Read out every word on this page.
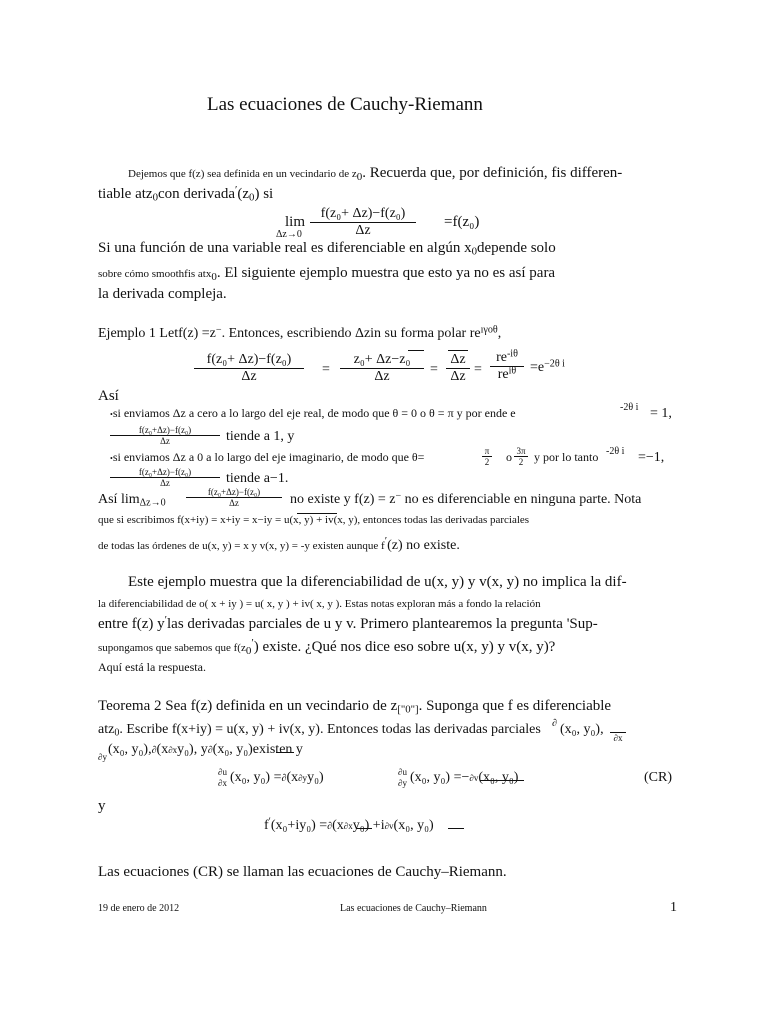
Las ecuaciones de Cauchy-Riemann
Dejemos que f(z) sea definida en un vecindario de $z_0$. Recuerda que, por definición, fis differen-
tiable atz$_0$con $derivada'(z_0)$ si
lim
Δz→0
f(z₀+ Δz)−f(z₀)
Δz
=f(z₀)
Si una función de una variable real es diferenciable en algún $x_0depende$ solo
sobre cómo smoothfis atx$_0$. El siguiente ejemplo muestra que esto ya no es así para
la derivada compleja.
Ejemplo 1 Letf(z) =z−. Entonces, escribiendo Δzin su forma polar $re^{ı\gamma o\theta}$,
f(z₀+ Δz)−f(z₀)
Δz	=
z₀+ Δz−z₀
Δz	=
Δz
Δz =
$re^{-i\theta}$
$re^{i\theta} =e^{-2\theta i}$
Así
•si enviamos Δz a cero a lo largo del eje real, de modo que θ = 0 o θ = π y por ende e	-2θ i = 1,
f(z₀+Δz)−f(z₀)
Δz	tiende a 1, y
•si enviamos Δz a 0 a lo largo del eje imaginario, de modo que θ=	π
2 o 3π
2 y por lo tanto -2θ i =−1,
f(z₀+Δz)−f(z₀)
Δz	tiende a−1.
Así $\lim_{\Delta z\to 0}$
f(z₀+Δz)−f(z₀)
Δz	no existe y f(z) = z− no es diferenciable en ninguna parte. Nota
que si escribimos f(x+iy) = x+iy = x−iy = u(x, y) + iv(x, y), entonces todas las derivadas parciales
de todas las órdenes de u(x, y) = x y v(x, y) = -y existen aunque f′(z) no existe.
Este ejemplo muestra que la diferenciabilidad de u(x, y) y v(x, y) no implica la dif-
la diferenciabilidad de o( x + iy ) = u( x, y ) + iv( x, y ). Estas notas exploran más a fondo la relación
entre f(z) y′las derivadas parciales de u y v. Primero plantearemos la pregunta 'Sup-
supongamos que sabemos que $f(z_0')$ existe. ¿Qué nos dice eso sobre u(x, y) y v(x, y)?
Aquí está la respuesta.
Teorema 2 Sea f(z) definida en un vecindario de $z_{["0"]}$. Suponga que f es diferenciable
atz$_0$. Escribe f(x+iy) = u(x, y) + iv(x, y). Entonces todas las derivadas parciales ∂ (x₀, y₀),

∂x
∂y (x₀, y₀),∂(x∂xy₀), y∂(x₀, y₀)existen y
∂u
∂x (x₀, y₀) =∂(x∂yy₀)	∂u
∂y (x₀, y₀) =−∂v(x₀, y₀)	(CR)
y
f′(x₀+iy₀) =∂(x∂xy₀) +i∂v(x₀, y₀)
Las ecuaciones (CR) se llaman las ecuaciones de Cauchy–Riemann.
19 de enero de 2012	Las ecuaciones de Cauchy–Riemann	1
